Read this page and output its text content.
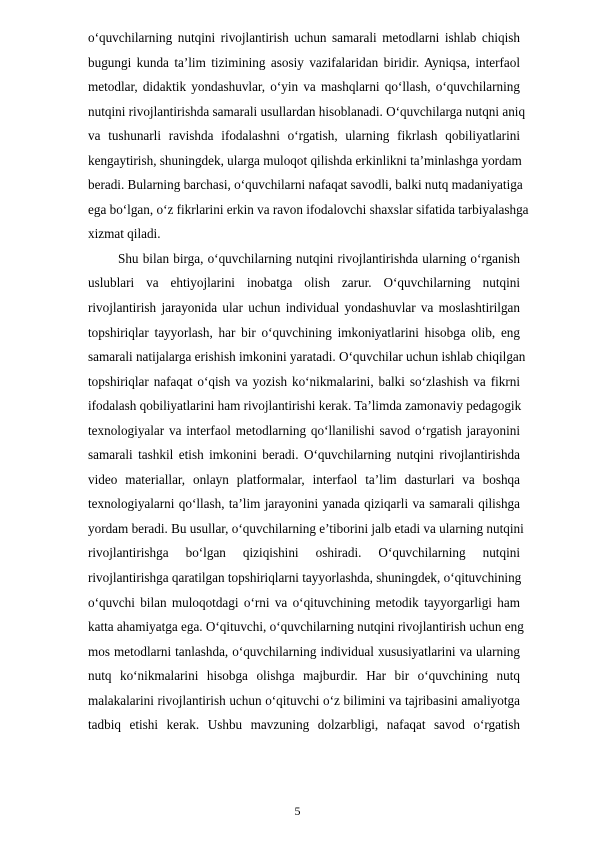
o‘quvchilarning nutqini rivojlantirish uchun samarali metodlarni ishlab chiqish
bugungi kunda ta’lim tizimining asosiy vazifalaridan biridir. Ayniqsa, interfaol
metodlar, didaktik yondashuvlar, o‘yin va mashqlarni qo‘llash, o‘quvchilarning
nutqini rivojlantirishda samarali usullardan hisoblanadi. O‘quvchilarga nutqni aniq
va tushunarli ravishda ifodalashni o‘rgatish, ularning fikrlash qobiliyatlarini
kengaytirish, shuningdek, ularga muloqot qilishda erkinlikni ta’minlashga yordam
beradi. Bularning barchasi, o‘quvchilarni nafaqat savodli, balki nutq madaniyatiga
ega bo‘lgan, o‘z fikrlarini erkin va ravon ifodalovchi shaxslar sifatida tarbiyalashga
xizmat qiladi.
Shu bilan birga, o‘quvchilarning nutqini rivojlantirishda ularning o‘rganish
uslublari va ehtiyojlarini inobatga olish zarur. O‘quvchilarning nutqini
rivojlantirish jarayonida ular uchun individual yondashuvlar va moslashtirilgan
topshiriqlar tayyorlash, har bir o‘quvchining imkoniyatlarini hisobga olib, eng
samarali natijalarga erishish imkonini yaratadi. O‘quvchilar uchun ishlab chiqilgan
topshiriqlar nafaqat o‘qish va yozish ko‘nikmalarini, balki so‘zlashish va fikrni
ifodalash qobiliyatlarini ham rivojlantirishi kerak. Ta’limda zamonaviy pedagogik
texnologiyalar va interfaol metodlarning qo‘llanilishi savod o‘rgatish jarayonini
samarali tashkil etish imkonini beradi. O‘quvchilarning nutqini rivojlantirishda
video materiallar, onlayn platformalar, interfaol ta’lim dasturlari va boshqa
texnologiyalarni qo‘llash, ta’lim jarayonini yanada qiziqarli va samarali qilishga
yordam beradi. Bu usullar, o‘quvchilarning e’tiborini jalb etadi va ularning nutqini
rivojlantirishga bo‘lgan qiziqishini oshiradi. O‘quvchilarning nutqini
rivojlantirishga qaratilgan topshiriqlarni tayyorlashda, shuningdek, o‘qituvchining
o‘quvchi bilan muloqotdagi o‘rni va o‘qituvchining metodik tayyorgarligi ham
katta ahamiyatga ega. O‘qituvchi, o‘quvchilarning nutqini rivojlantirish uchun eng
mos metodlarni tanlashda, o‘quvchilarning individual xususiyatlarini va ularning
nutq ko‘nikmalarini hisobga olishga majburdir. Har bir o‘quvchining nutq
malakalarini rivojlantirish uchun o‘qituvchi o‘z bilimini va tajribasini amaliyotga
tadbiq etishi kerak. Ushbu mavzuning dolzarbligi, nafaqat savod o‘rgatish
5
